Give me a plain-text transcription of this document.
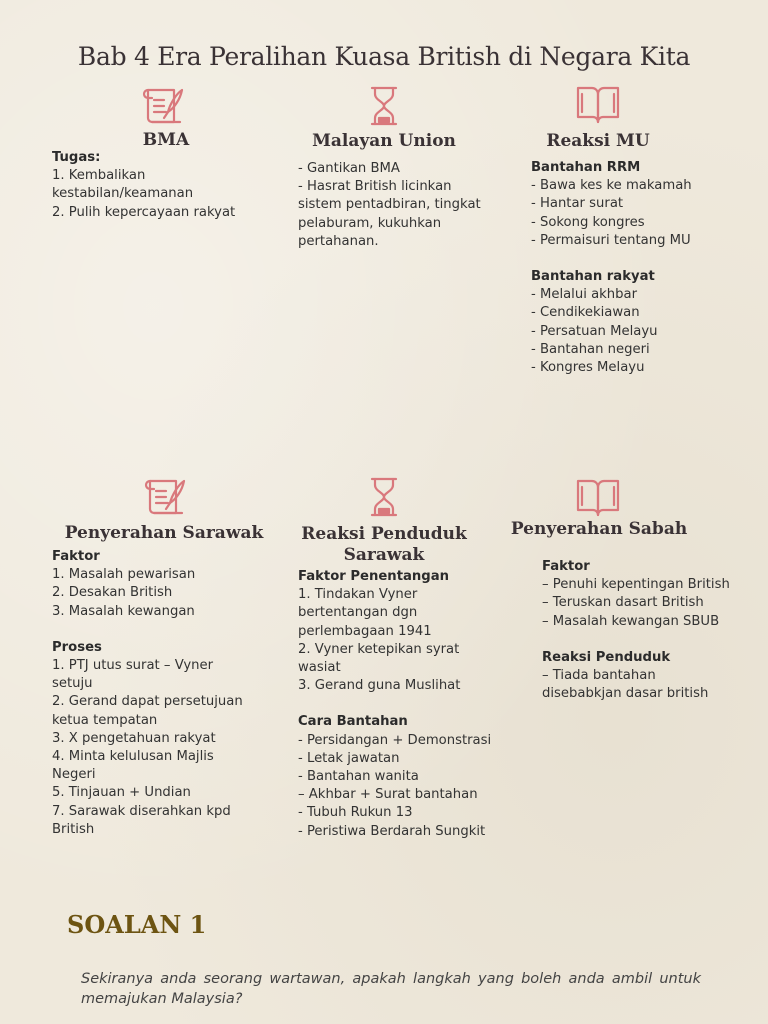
Bab 4 Era Peralihan Kuasa British di Negara Kita
BMA
Tugas:
1. Kembalikan
kestabilan/keamanan
2. Pulih kepercayaan rakyat
Malayan Union
- Gantikan BMA
- Hasrat British licinkan
sistem pentadbiran, tingkat
pelaburam, kukuhkan
pertahanan.
Reaksi MU
Bantahan RRM
- Bawa kes ke makamah
- Hantar surat
- Sokong kongres
- Permaisuri tentang MU
Bantahan rakyat
- Melalui akhbar
- Cendikekiawan
- Persatuan Melayu
- Bantahan negeri
- Kongres Melayu
Penyerahan Sarawak
Faktor
1. Masalah pewarisan
2. Desakan British
3. Masalah kewangan
Proses
1. PTJ utus surat – Vyner
setuju
2. Gerand dapat persetujuan
ketua tempatan
3. X pengetahuan rakyat
4. Minta kelulusan Majlis
Negeri
5. Tinjauan + Undian
7. Sarawak diserahkan kpd
British
Reaksi Penduduk
Sarawak
Faktor Penentangan
1. Tindakan Vyner
bertentangan dgn
perlembagaan 1941
2. Vyner ketepikan syrat
wasiat
3. Gerand guna Muslihat
Cara Bantahan
- Persidangan + Demonstrasi
- Letak jawatan
- Bantahan wanita
– Akhbar + Surat bantahan
- Tubuh Rukun 13
- Peristiwa Berdarah Sungkit
Penyerahan Sabah
Faktor
– Penuhi kepentingan British
– Teruskan dasart British
– Masalah kewangan SBUB
Reaksi Penduduk
– Tiada bantahan
disebabkjan dasar british
SOALAN 1
Sekiranya anda seorang wartawan, apakah langkah yang boleh anda ambil untuk memajukan Malaysia?
